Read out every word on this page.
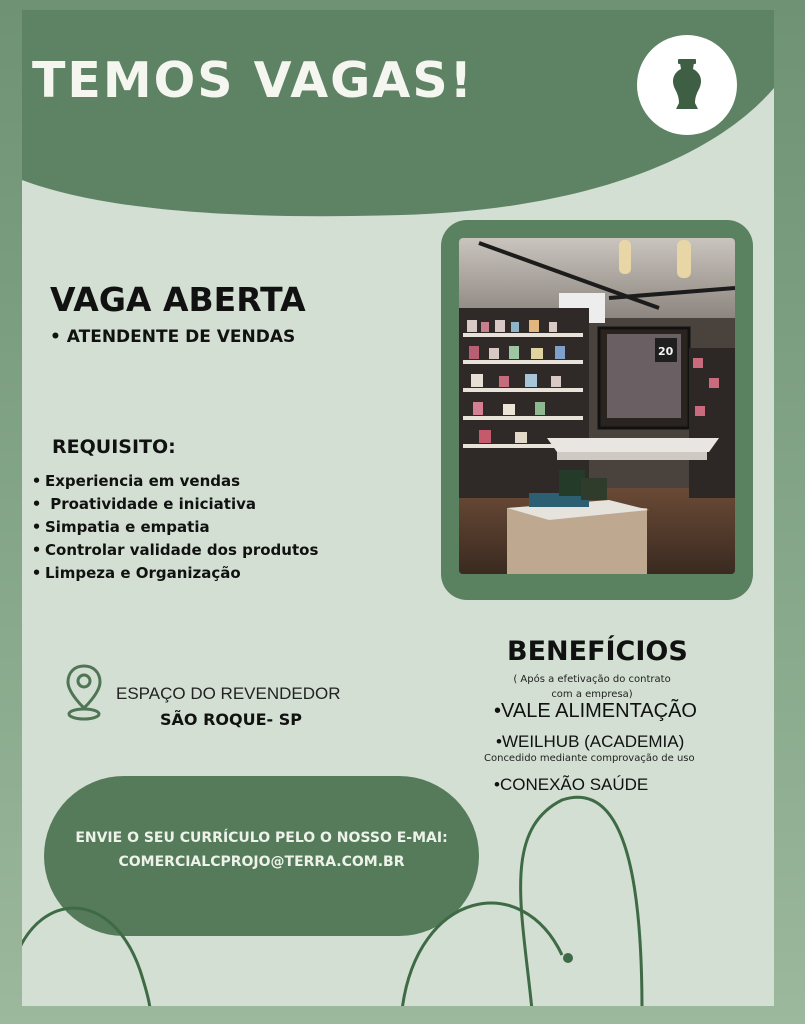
TEMOS VAGAS!
20
VAGA ABERTA
• ATENDENTE DE VENDAS
REQUISITO:
• Experiencia em vendas
• Proatividade e iniciativa
• Simpatia e empatia
• Controlar validade dos produtos
• Limpeza e Organização
ESPAÇO DO REVENDEDOR
SÃO ROQUE- SP
BENEFÍCIOS
( Após a efetivação do contrato
com a empresa)
•VALE ALIMENTAÇÃO
•WEILHUB (ACADEMIA)
Concedido mediante comprovação de uso
•CONEXÃO SAÚDE
ENVIE O SEU CURRÍCULO PELO O NOSSO E-MAI:
COMERCIALCPROJO@TERRA.COM.BR
